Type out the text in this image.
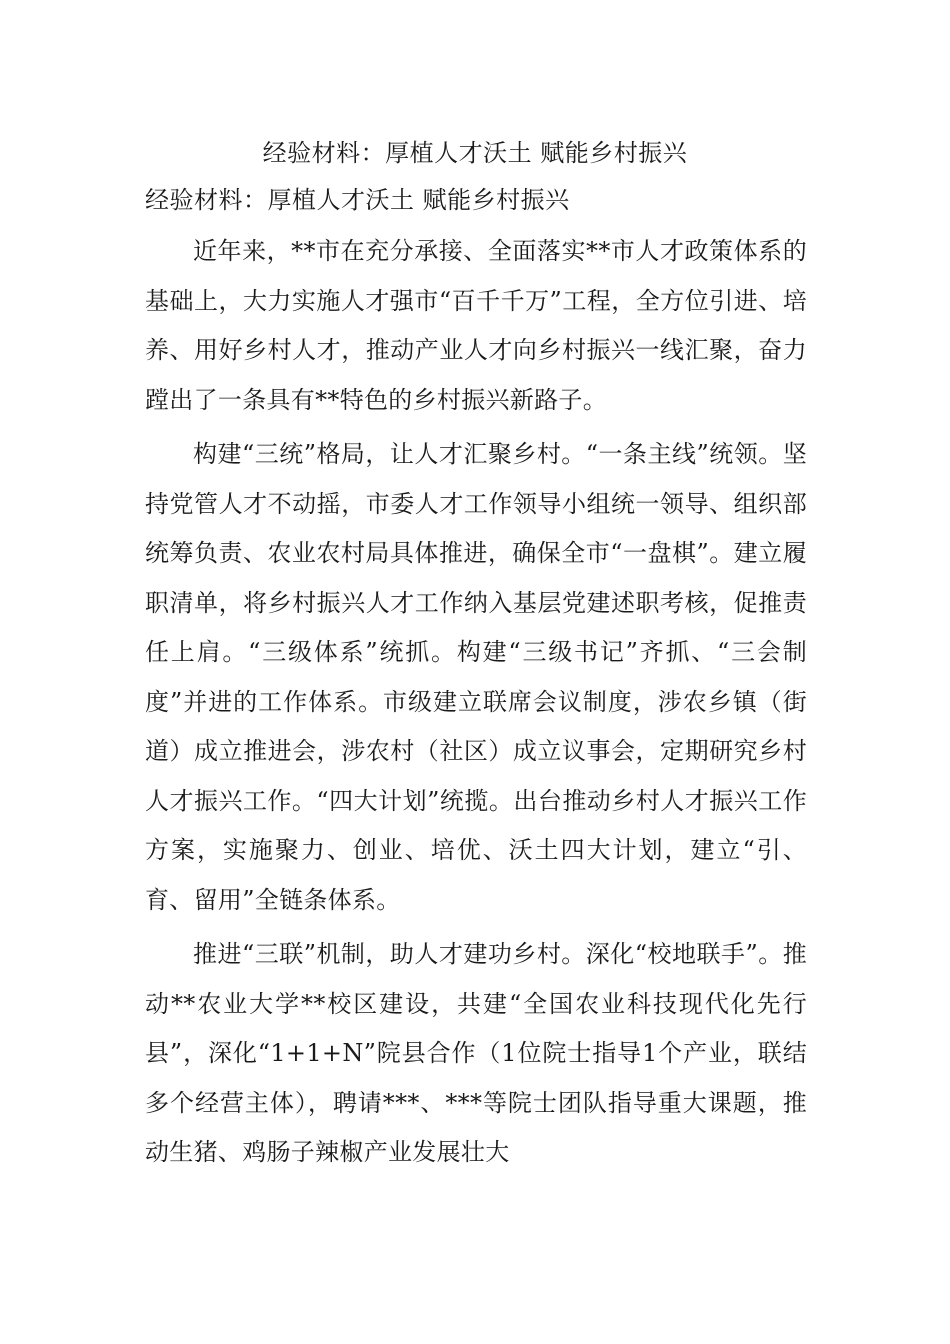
经验材料：厚植人才沃土 赋能乡村振兴

经验材料：厚植人才沃土 赋能乡村振兴

近年来，**市在充分承接、全面落实**市人才政策体系的基础上，大力实施人才强市“百千千万”工程，全方位引进、培养、用好乡村人才，推动产业人才向乡村振兴一线汇聚，奋力蹚出了一条具有**特色的乡村振兴新路子。

构建“三统”格局，让人才汇聚乡村。“一条主线”统领。坚持党管人才不动摇，市委人才工作领导小组统一领导、组织部统筹负责、农业农村局具体推进，确保全市“一盘棋”。建立履职清单，将乡村振兴人才工作纳入基层党建述职考核，促推责任上肩。“三级体系”统抓。构建“三级书记”齐抓、“三会制度”并进的工作体系。市级建立联席会议制度，涉农乡镇（街道）成立推进会，涉农村（社区）成立议事会，定期研究乡村人才振兴工作。“四大计划”统揽。出台推动乡村人才振兴工作方案，实施聚力、创业、培优、沃土四大计划，建立“引、育、留用”全链条体系。

推进“三联”机制，助人才建功乡村。深化“校地联手”。推动**农业大学**校区建设，共建“全国农业科技现代化先行县”，深化“1+1+N”院县合作（1位院士指导1个产业，联结多个经营主体），聘请***、***等院士团队指导重大课题，推动生猪、鸡肠子辣椒产业发展壮大
